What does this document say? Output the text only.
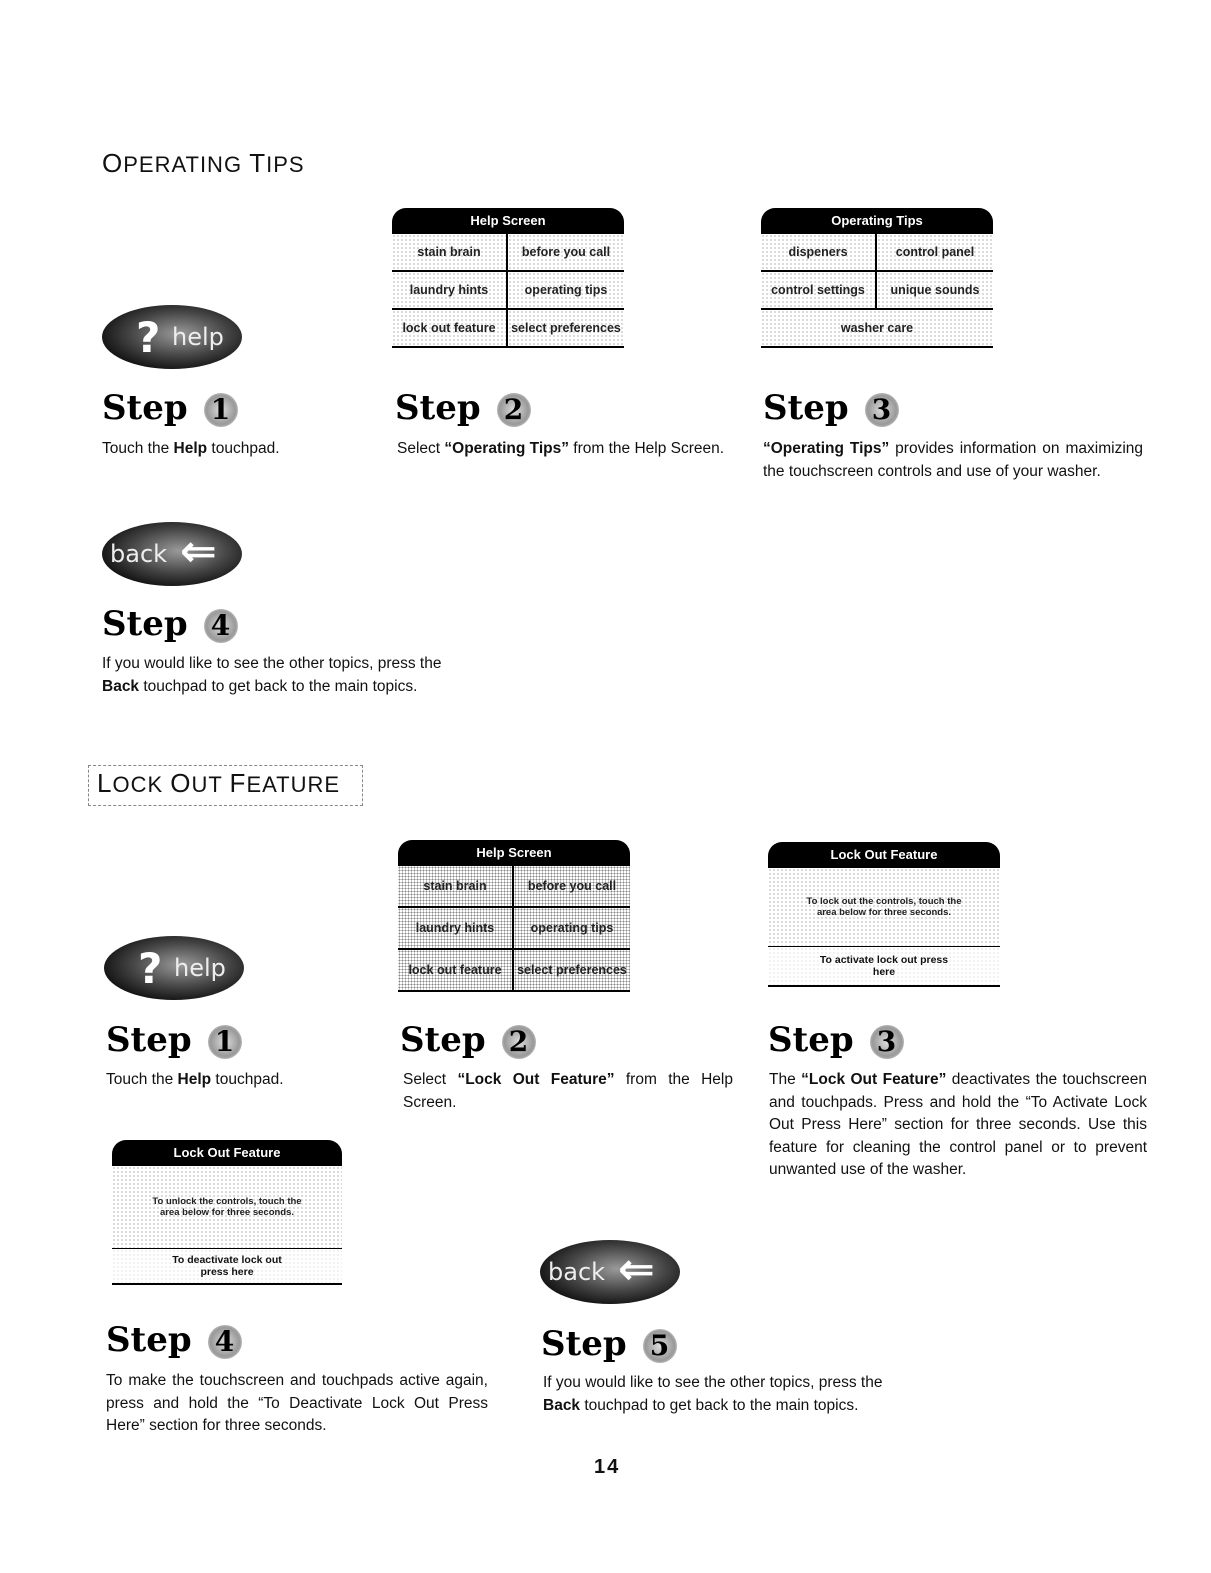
OPERATING TIPS
? help
Help Screen
stain brain	before you call
laundry hints	operating tips
lock out feature	select preferences
Operating Tips
dispeners	control panel
control settings	unique sounds
washer care
Step 1
Touch the Help touchpad.
Step 2
Select “Operating Tips” from the Help Screen.
Step 3
“Operating Tips” provides information on maximizing the touchscreen controls and use of your washer.
back ⇐
Step 4
If you would like to see the other topics, press the Back touchpad to get back to the main topics.
LOCK OUT FEATURE
? help
Help Screen
stain brain	before you call
laundry hints	operating tips
lock out feature	select preferences
Lock Out Feature
To lock out the controls, touch the area below for three seconds.
To activate lock out press here
Step 1
Touch the Help touchpad.
Step 2
Select “Lock Out Feature” from the Help Screen.
Step 3
The “Lock Out Feature” deactivates the touchscreen and touchpads. Press and hold the “To Activate Lock Out Press Here” section for three seconds. Use this feature for cleaning the control panel or to prevent unwanted use of the washer.
Lock Out Feature
To unlock the controls, touch the area below for three seconds.
To deactivate lock out press here	back ⇐
Step 4
To make the touchscreen and touchpads active again, press and hold the “To Deactivate Lock Out Press Here” section for three seconds.
Step 5
If you would like to see the other topics, press the Back touchpad to get back to the main topics.
14
